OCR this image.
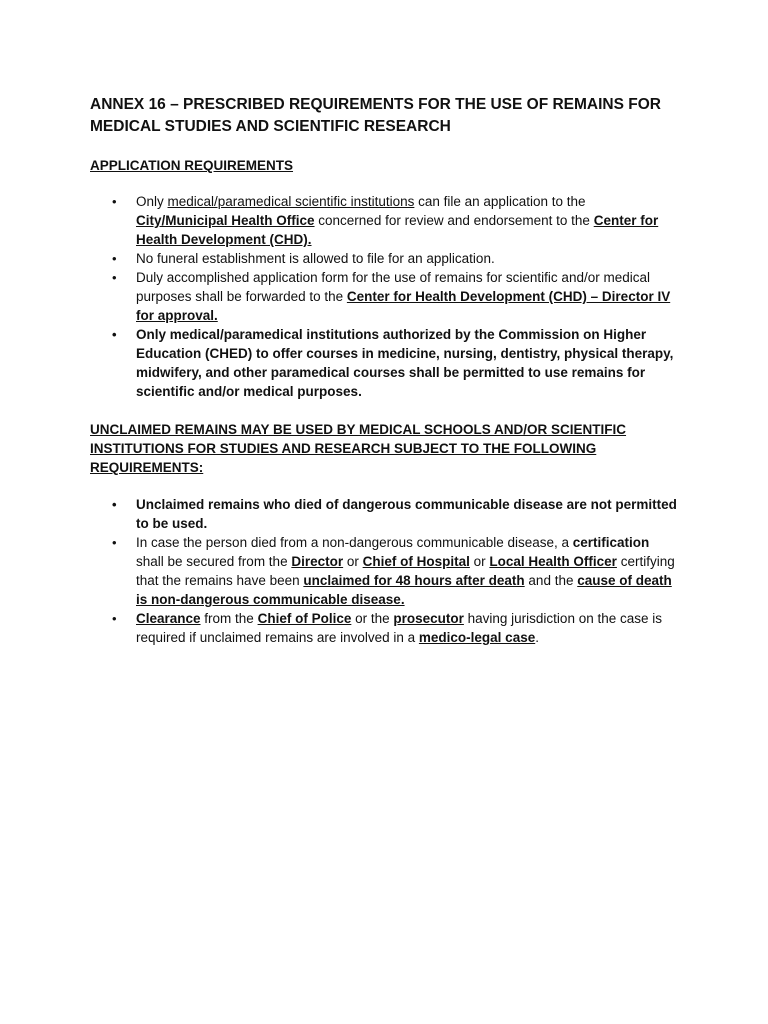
ANNEX 16 – PRESCRIBED REQUIREMENTS FOR THE USE OF REMAINS FOR MEDICAL STUDIES AND SCIENTIFIC RESEARCH
APPLICATION REQUIREMENTS
• Only medical/paramedical scientific institutions can file an application to the City/Municipal Health Office concerned for review and endorsement to the Center for Health Development (CHD).
• No funeral establishment is allowed to file for an application.
• Duly accomplished application form for the use of remains for scientific and/or medical purposes shall be forwarded to the Center for Health Development (CHD) – Director IV for approval.
• Only medical/paramedical institutions authorized by the Commission on Higher Education (CHED) to offer courses in medicine, nursing, dentistry, physical therapy, midwifery, and other paramedical courses shall be permitted to use remains for scientific and/or medical purposes.
UNCLAIMED REMAINS MAY BE USED BY MEDICAL SCHOOLS AND/OR SCIENTIFIC INSTITUTIONS FOR STUDIES AND RESEARCH SUBJECT TO THE FOLLOWING REQUIREMENTS:
• Unclaimed remains who died of dangerous communicable disease are not permitted to be used.
• In case the person died from a non-dangerous communicable disease, a certification shall be secured from the Director or Chief of Hospital or Local Health Officer certifying that the remains have been unclaimed for 48 hours after death and the cause of death is non-dangerous communicable disease.
• Clearance from the Chief of Police or the prosecutor having jurisdiction on the case is required if unclaimed remains are involved in a medico-legal case.
